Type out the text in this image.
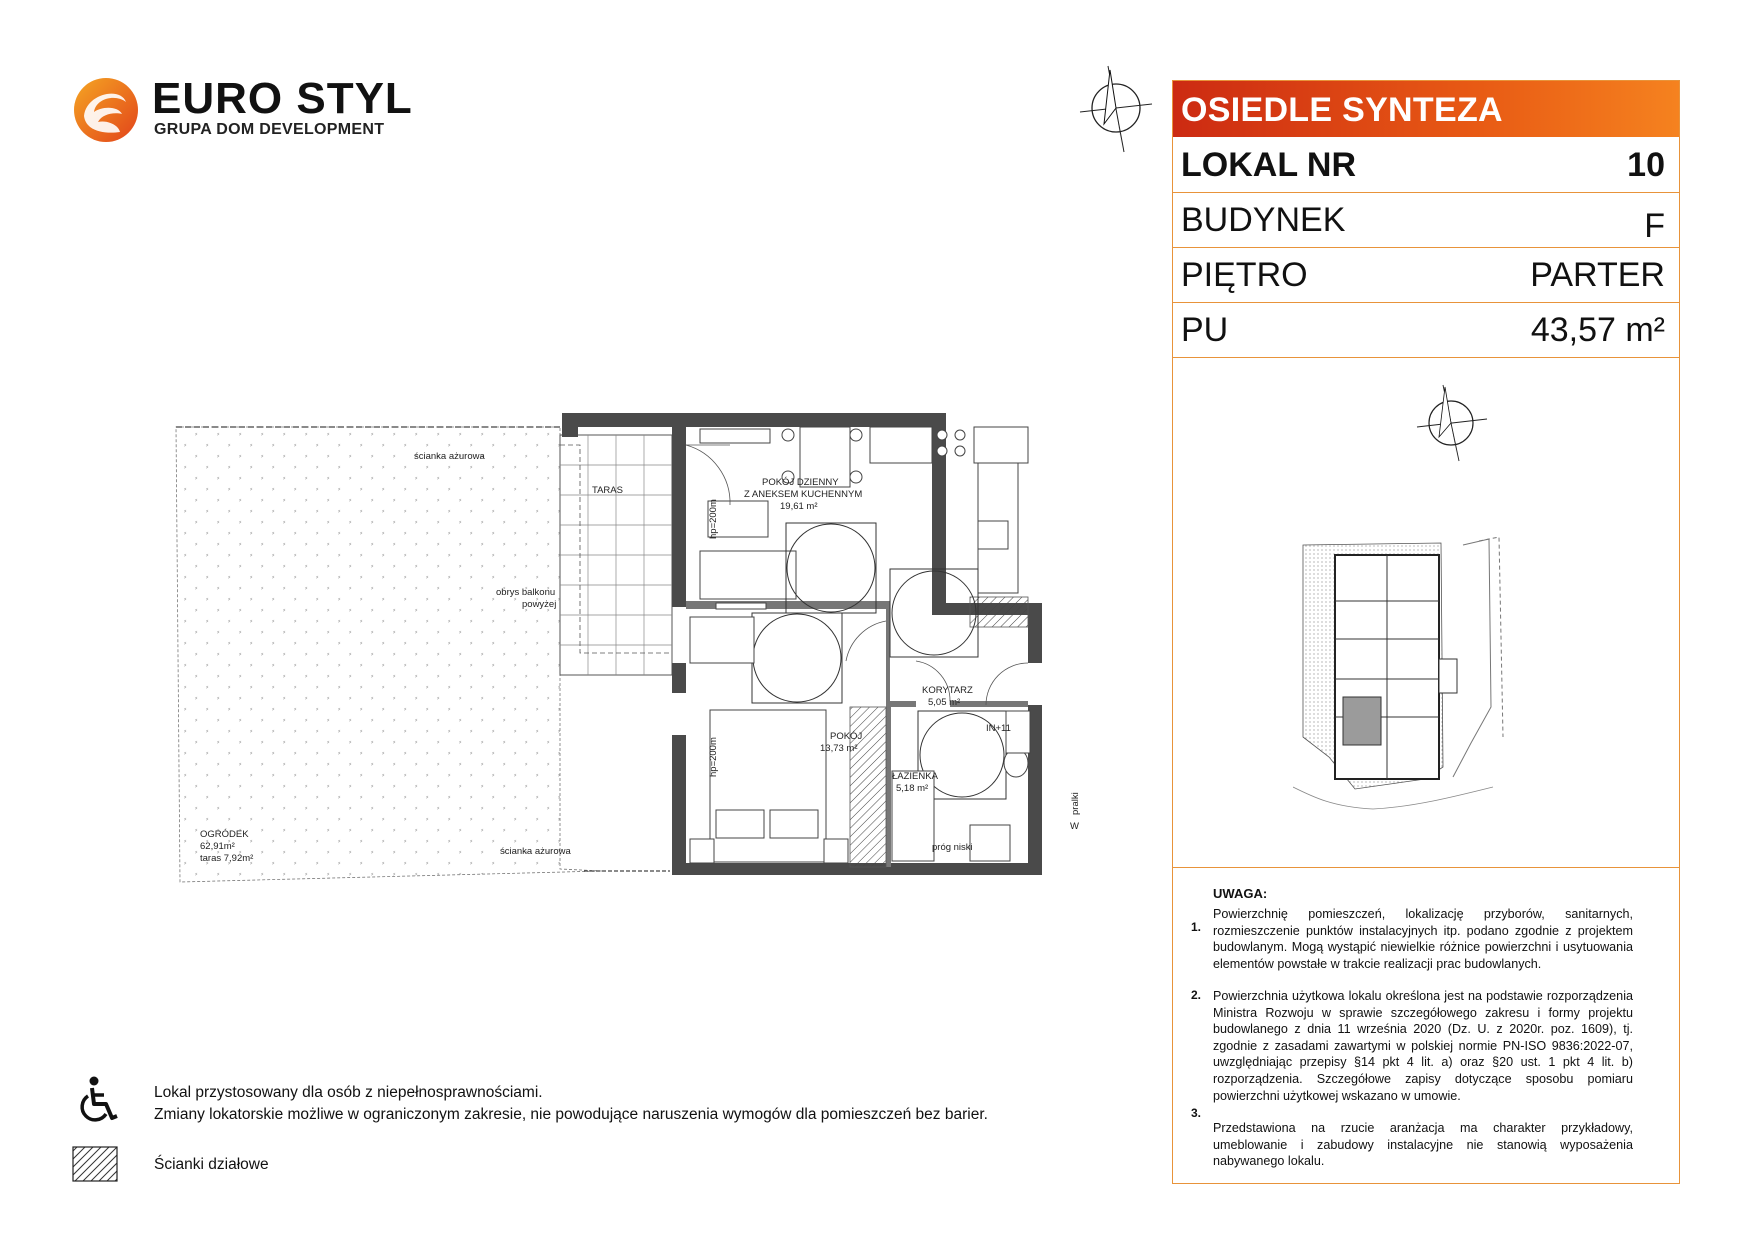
EURO STYL
GRUPA DOM DEVELOPMENT
TARAS
POKÓJ DZIENNY
Z ANEKSEM KUCHENNYM
19,61 m²
KORYTARZ
5,05 m²
POKÓJ
13,73 m²
ŁAZIENKA
5,18 m²
ścianka ażurowa
ścianka ażurowa
obrys balkonu
powyżej
OGRÓDEK
62,91m²
taras 7,92m²
hp=200m
hp=200m
próg niski
IN+11
pralki
W
OSIEDLE SYNTEZA
LOKAL NR	10
BUDYNEK	F
PIĘTRO	PARTER
PU	43,57 m²
UWAGA:
1.
Powierzchnię pomieszczeń, lokalizację przyborów, sanitarnych, rozmieszczenie punktów instalacyjnych itp. podano zgodnie z projektem budowlanym. Mogą wystąpić niewielkie różnice powierzchni i usytuowania elementów powstałe w trakcie realizacji prac budowlanych.
2. Powierzchnia użytkowa lokalu określona jest na podstawie rozporządzenia Ministra Rozwoju w sprawie szczegółowego zakresu i formy projektu budowlanego z dnia 11 września 2020 (Dz. U. z 2020r. poz. 1609), tj. zgodnie z zasadami zawartymi w polskiej normie PN-ISO 9836:2022-07, uwzględniając przepisy §14 pkt 4 lit. a) oraz §20 ust. 1 pkt 4 lit. b) rozporządzenia. Szczegółowe zapisy dotyczące sposobu pomiaru powierzchni użytkowej wskazano w umowie.
3.
Przedstawiona na rzucie aranżacja ma charakter przykładowy, umeblowanie i zabudowy instalacyjne nie stanowią wyposażenia nabywanego lokalu.
Lokal przystosowany dla osób z niepełnosprawnościami.
Zmiany lokatorskie możliwe w ograniczonym zakresie, nie powodujące naruszenia wymogów dla pomieszczeń bez barier.
Ścianki działowe
